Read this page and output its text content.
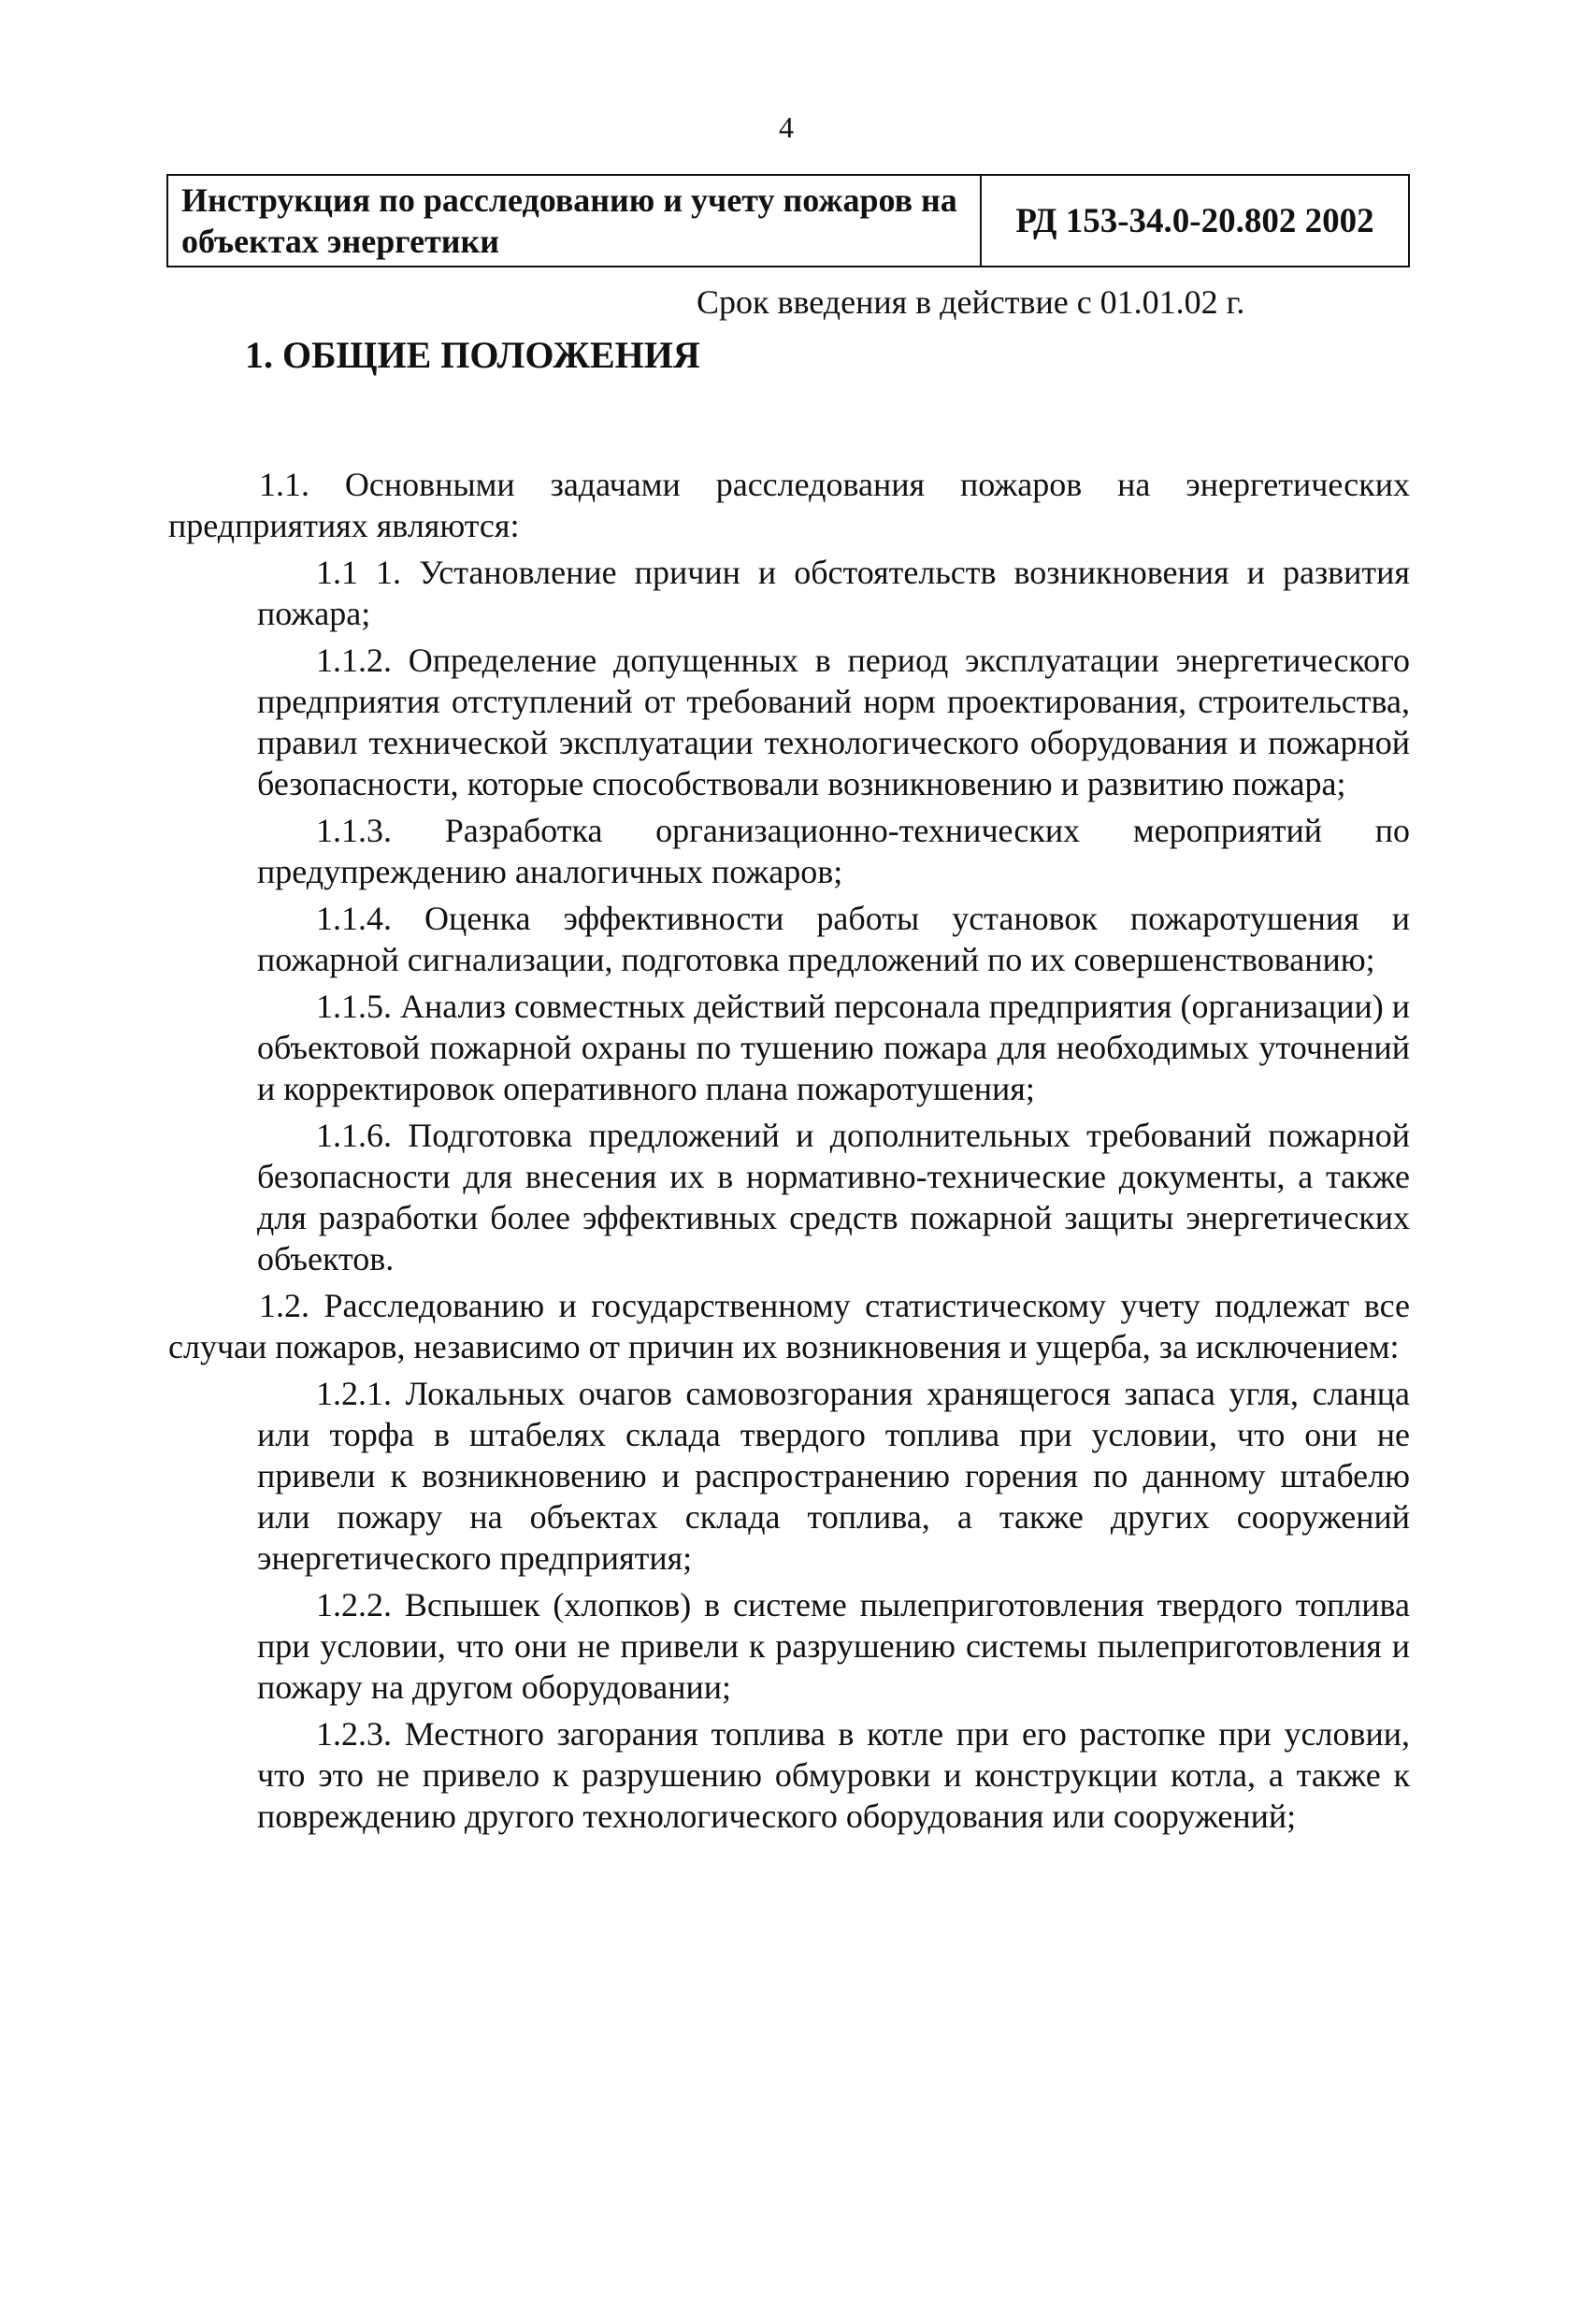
4
Инструкция по расследованию и учету пожаров на объектах энергетики
РД 153-34.0-20.802 2002
Срок введения в действие с 01.01.02 г.
1. ОБЩИЕ ПОЛОЖЕНИЯ

1.1. Основными задачами расследования пожаров на энергетических предприятиях являются:

1.1 1. Установление причин и обстоятельств возникновения и развития пожара;

1.1.2. Определение допущенных в период эксплуатации энергетического предприятия отступлений от требований норм проектирования, строительства, правил технической эксплуатации технологического оборудования и пожарной безопасности, которые способствовали возникновению и развитию пожара;

1.1.3. Разработка организационно-технических мероприятий по предупреждению аналогичных пожаров;

1.1.4. Оценка эффективности работы установок пожаротушения и пожарной сигнализации, подготовка предложений по их совершенствованию;

1.1.5. Анализ совместных действий персонала предприятия (организации) и объектовой пожарной охраны по тушению пожара для необходимых уточнений и корректировок оперативного плана пожаротушения;

1.1.6. Подготовка предложений и дополнительных требований пожарной безопасности для внесения их в нормативно-технические документы, а также для разработки более эффективных средств пожарной защиты энергетических объектов.

1.2. Расследованию и государственному статистическому учету подлежат все случаи пожаров, независимо от причин их возникновения и ущерба, за исключением:

1.2.1. Локальных очагов самовозгорания хранящегося запаса угля, сланца или торфа в штабелях склада твердого топлива при условии, что они не привели к возникновению и распространению горения по данному штабелю или пожару на объектах склада топлива, а также других сооружений энергетического предприятия;

1.2.2. Вспышек (хлопков) в системе пылеприготовления твердого топлива при условии, что они не привели к разрушению системы пылеприготовления и пожару на другом оборудовании;

1.2.3. Местного загорания топлива в котле при его растопке при условии, что это не привело к разрушению обмуровки и конструкции котла, а также к повреждению другого технологического оборудования или сооружений;
